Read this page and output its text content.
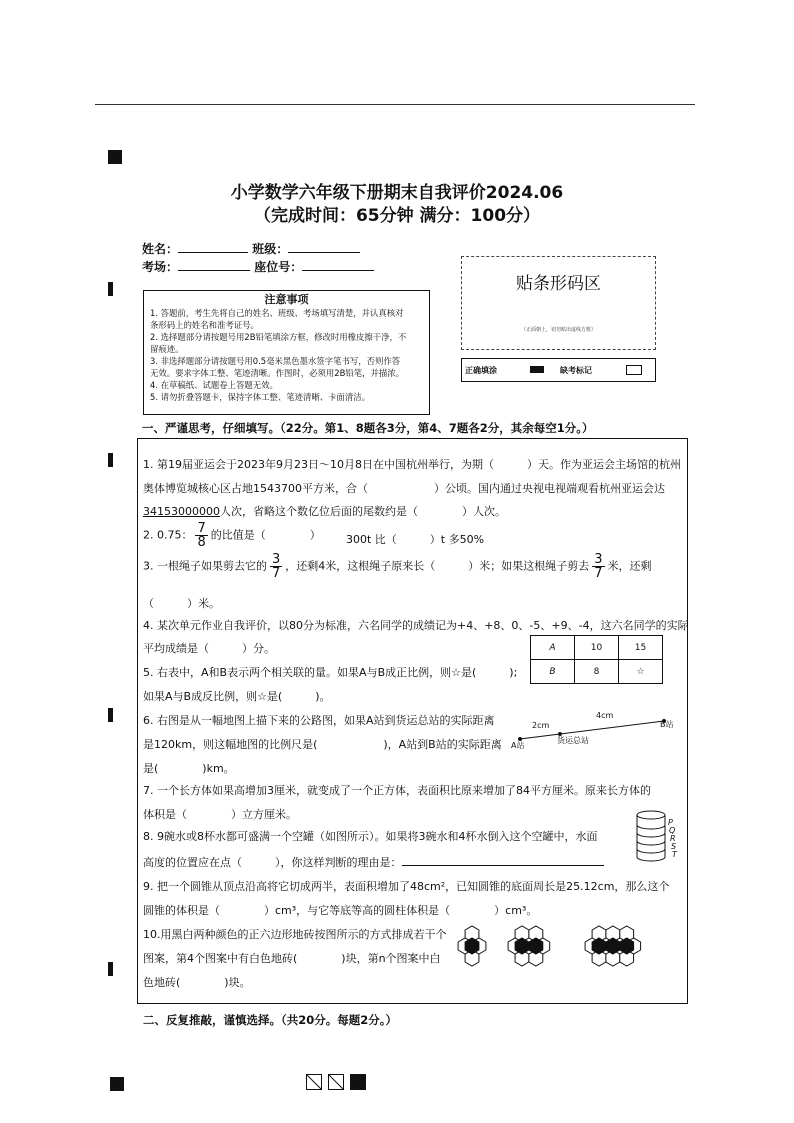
小学数学六年级下册期末自我评价2024.06
（完成时间：65分钟 满分：100分）
姓名：	班级：
考场：	座位号：
注意事项
1. 答题前，考生先将自己的姓名、班级、考场填写清楚，并认真核对
条形码上的姓名和准考证号。
2. 选择题部分请按题号用2B铅笔填涂方框，修改时用橡皮擦干净，不
留痕迹。
3. 非选择题部分请按题号用0.5毫米黑色墨水签字笔书写，否则作答
无效。要求字体工整、笔迹清晰。作图时，必须用2B铅笔，并描浓。
4. 在草稿纸、试题卷上答题无效。
5. 请勿折叠答题卡，保持字体工整、笔迹清晰、卡面清洁。
贴条形码区
（正面朝上，切勿贴出虚线方框）
正确填涂	缺考标记
一、严谨思考，仔细填写。（22分。第1、8题各3分，第4、7题各2分，其余每空1分。）
1. 第19届亚运会于2023年9月23日～10月8日在中国杭州举行，为期（　　　）天。作为亚运会主场馆的杭州
奥体博览城核心区占地1543700平方米，合（　　　　　　）公顷。国内通过央视电视端观看杭州亚运会达
34153000000人次，省略这个数亿位后面的尾数约是（　　　　）人次。
2. 0.75： $\frac{7}{8}$ 的比值是（　　　　） 300t 比（　　　）t 多50%
3. 一根绳子如果剪去它的 $\frac{3}{7}$ ，还剩4米，这根绳子原来长（　　　）米；如果这根绳子剪去 $\frac{3}{7}$ 米，还剩
（　　　）米。
4. 某次单元作业自我评价，以80分为标准，六名同学的成绩记为+4、+8、0、-5、+9、-4，这六名同学的实际
平均成绩是（　　　）分。
5. 右表中，A和B表示两个相关联的量。如果A与B成正比例，则☆是(　　　);
如果A与B成反比例，则☆是(　　　)。
A	10	15
B	8	☆
6. 右图是从一幅地图上描下来的公路图，如果A站到货运总站的实际距离
是120km，则这幅地图的比例尺是(　　　　　　)，A站到B站的实际距离
是(　　　　)km。
2cm
4cm
A站
货运总站
B站
7. 一个长方体如果高增加3厘米，就变成了一个正方体，表面积比原来增加了84平方厘米。原来长方体的
体积是（　　　　）立方厘米。
8. 9碗水或8杯水都可盛满一个空罐（如图所示）。如果将3碗水和4杯水倒入这个空罐中，水面
高度的位置应在点（　　　），你这样判断的理由是：
P
Q
R
S
T
9. 把一个圆锥从顶点沿高将它切成两半，表面积增加了48cm²，已知圆锥的底面周长是25.12cm，那么这个
圆锥的体积是（　　　　）cm³，与它等底等高的圆柱体积是（　　　　）cm³。
10.用黑白两种颜色的正六边形地砖按图所示的方式排成若干个
图案，第4个图案中有白色地砖(　　　　)块，第n个图案中白
色地砖(　　　　)块。
二、反复推敲，谨慎选择。（共20分。每题2分。）
